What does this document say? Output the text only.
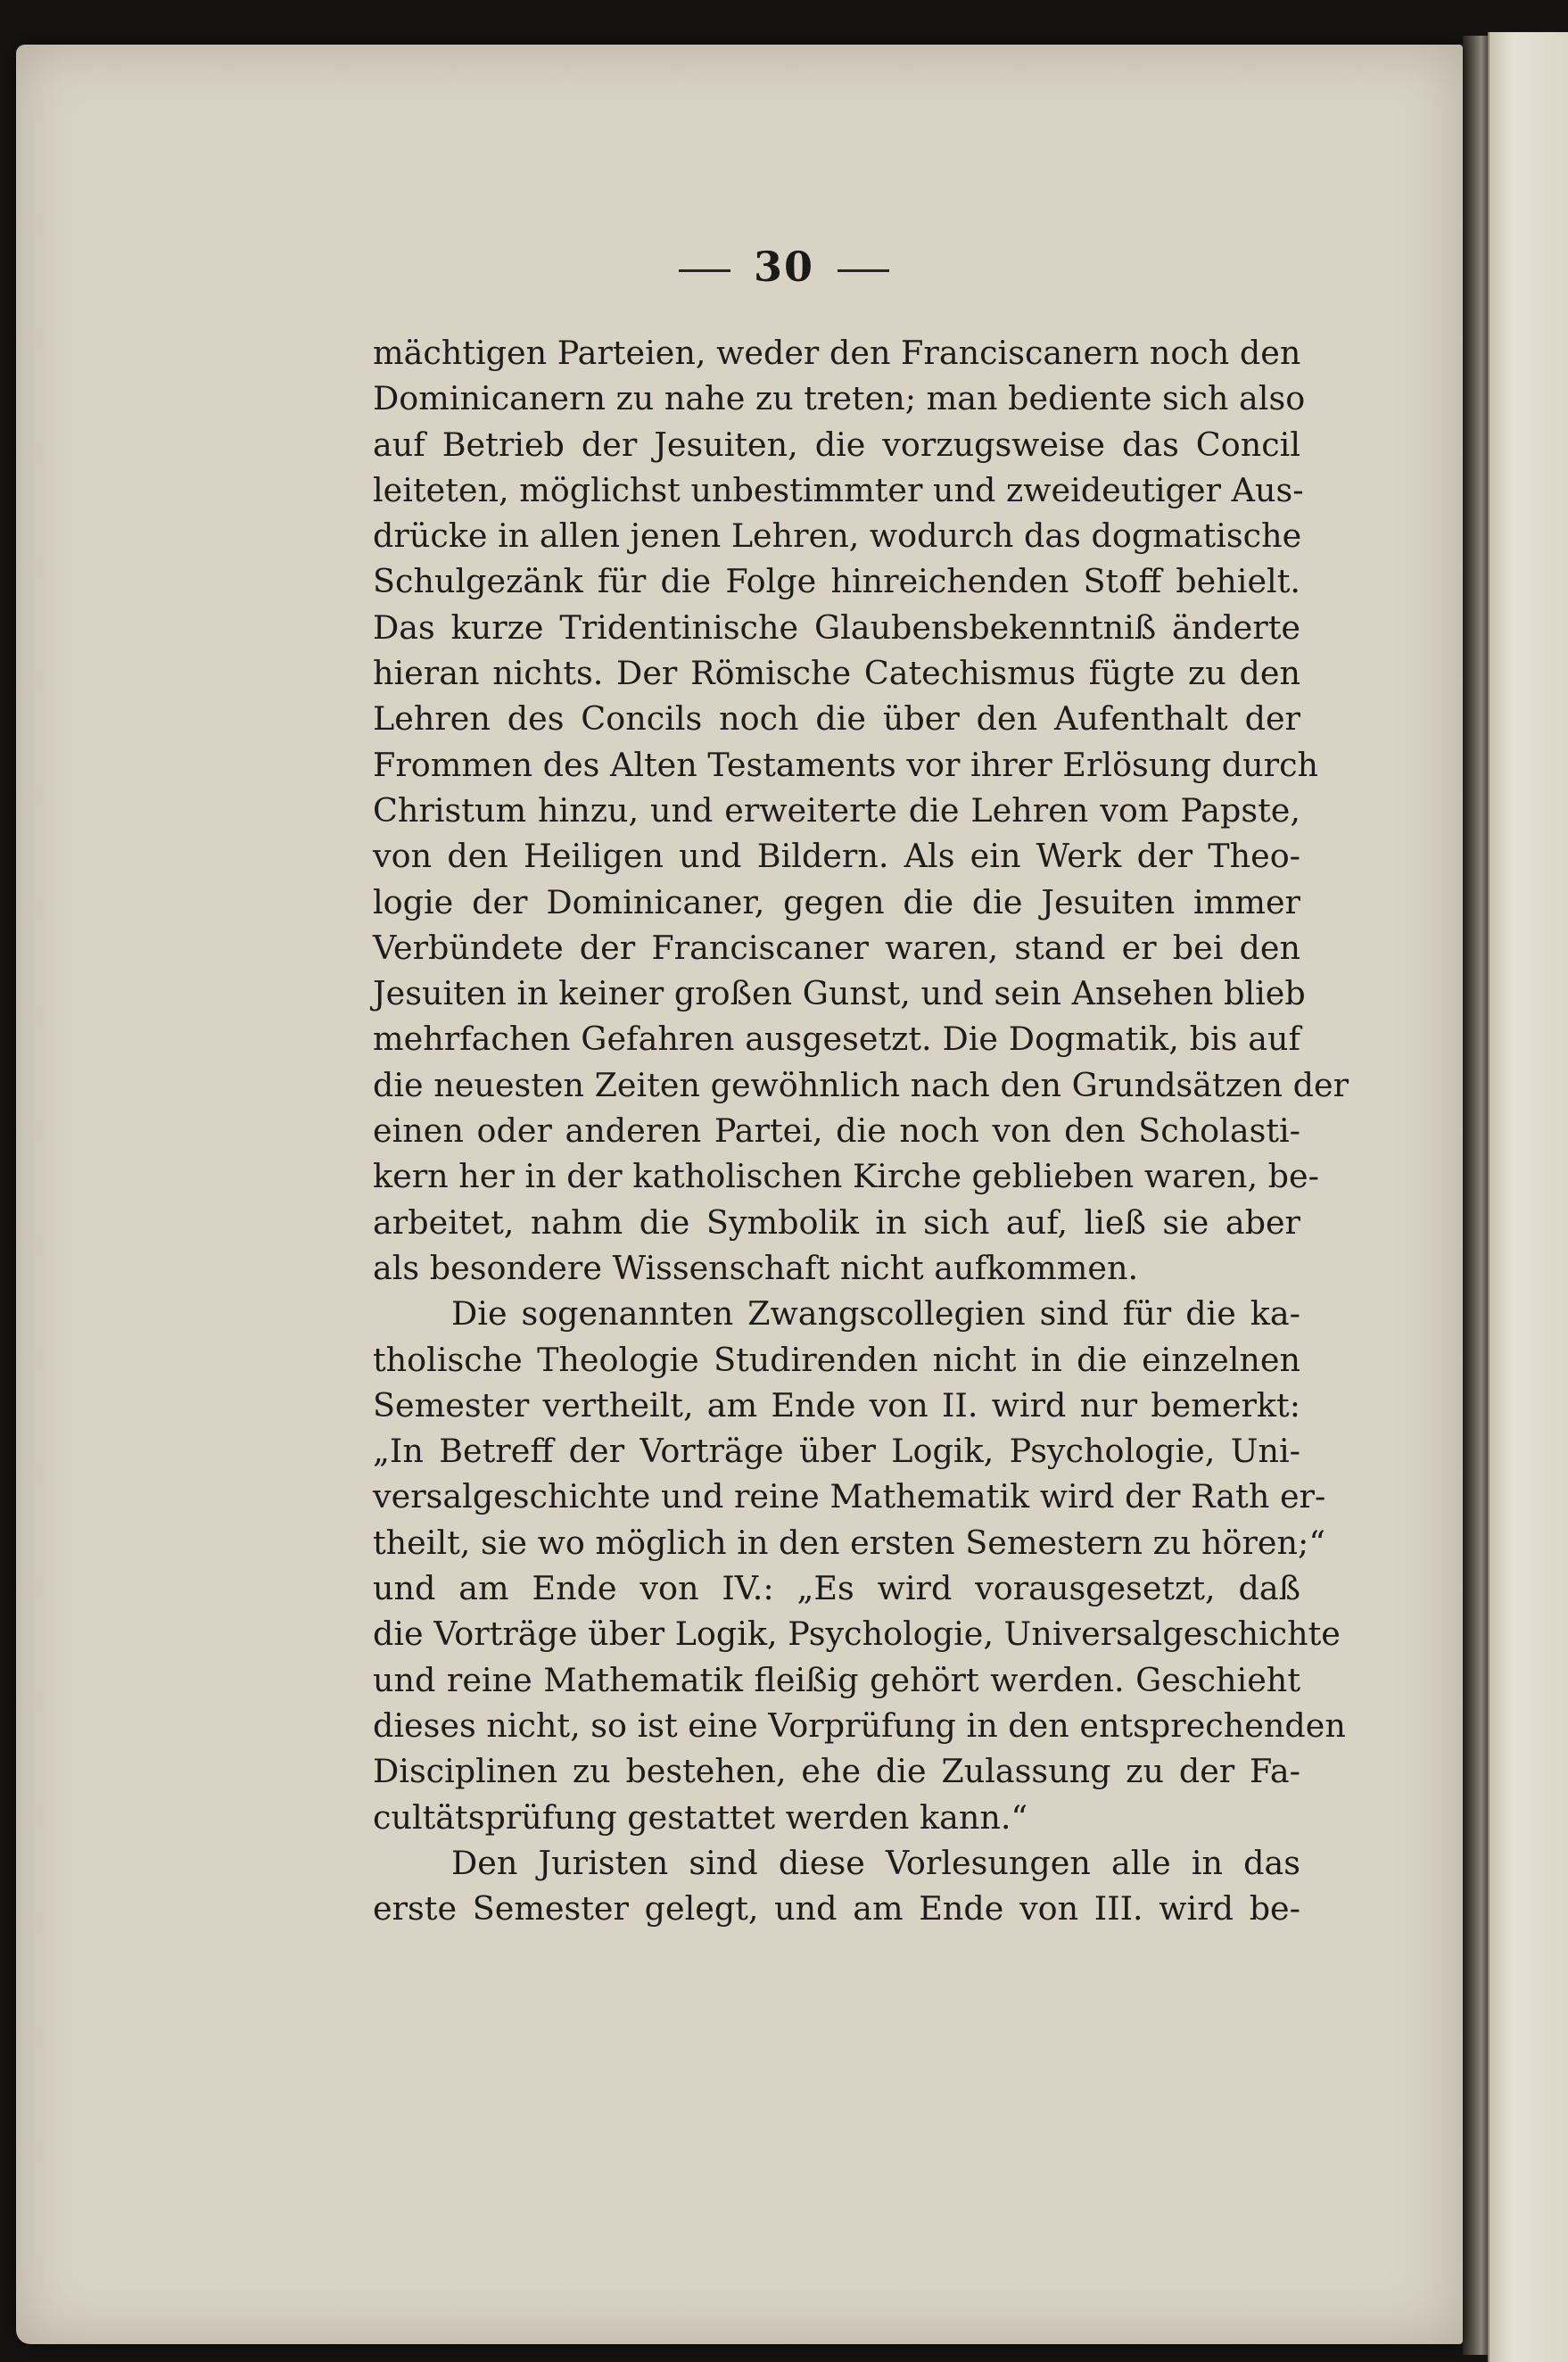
30
mächtigen Parteien, weder den Franciscanern noch den
Dominicanern zu nahe zu treten; man bediente sich also
auf Betrieb der Jesuiten, die vorzugsweise das Concil
leiteten, möglichst unbestimmter und zweideutiger Aus-
drücke in allen jenen Lehren, wodurch das dogmatische
Schulgezänk für die Folge hinreichenden Stoff behielt.
Das kurze Tridentinische Glaubensbekenntniß änderte
hieran nichts. Der Römische Catechismus fügte zu den
Lehren des Concils noch die über den Aufenthalt der
Frommen des Alten Testaments vor ihrer Erlösung durch
Christum hinzu, und erweiterte die Lehren vom Papste,
von den Heiligen und Bildern. Als ein Werk der Theo-
logie der Dominicaner, gegen die die Jesuiten immer
Verbündete der Franciscaner waren, stand er bei den
Jesuiten in keiner großen Gunst, und sein Ansehen blieb
mehrfachen Gefahren ausgesetzt. Die Dogmatik, bis auf
die neuesten Zeiten gewöhnlich nach den Grundsätzen der
einen oder anderen Partei, die noch von den Scholasti-
kern her in der katholischen Kirche geblieben waren, be-
arbeitet, nahm die Symbolik in sich auf, ließ sie aber
als besondere Wissenschaft nicht aufkommen.
Die sogenannten Zwangscollegien sind für die ka-
tholische Theologie Studirenden nicht in die einzelnen
Semester vertheilt, am Ende von II. wird nur bemerkt:
„In Betreff der Vorträge über Logik, Psychologie, Uni-
versalgeschichte und reine Mathematik wird der Rath er-
theilt, sie wo möglich in den ersten Semestern zu hören;“
und am Ende von IV.: „Es wird vorausgesetzt, daß
die Vorträge über Logik, Psychologie, Universalgeschichte
und reine Mathematik fleißig gehört werden. Geschieht
dieses nicht, so ist eine Vorprüfung in den entsprechenden
Disciplinen zu bestehen, ehe die Zulassung zu der Fa-
cultätsprüfung gestattet werden kann.“
Den Juristen sind diese Vorlesungen alle in das
erste Semester gelegt, und am Ende von III. wird be-
